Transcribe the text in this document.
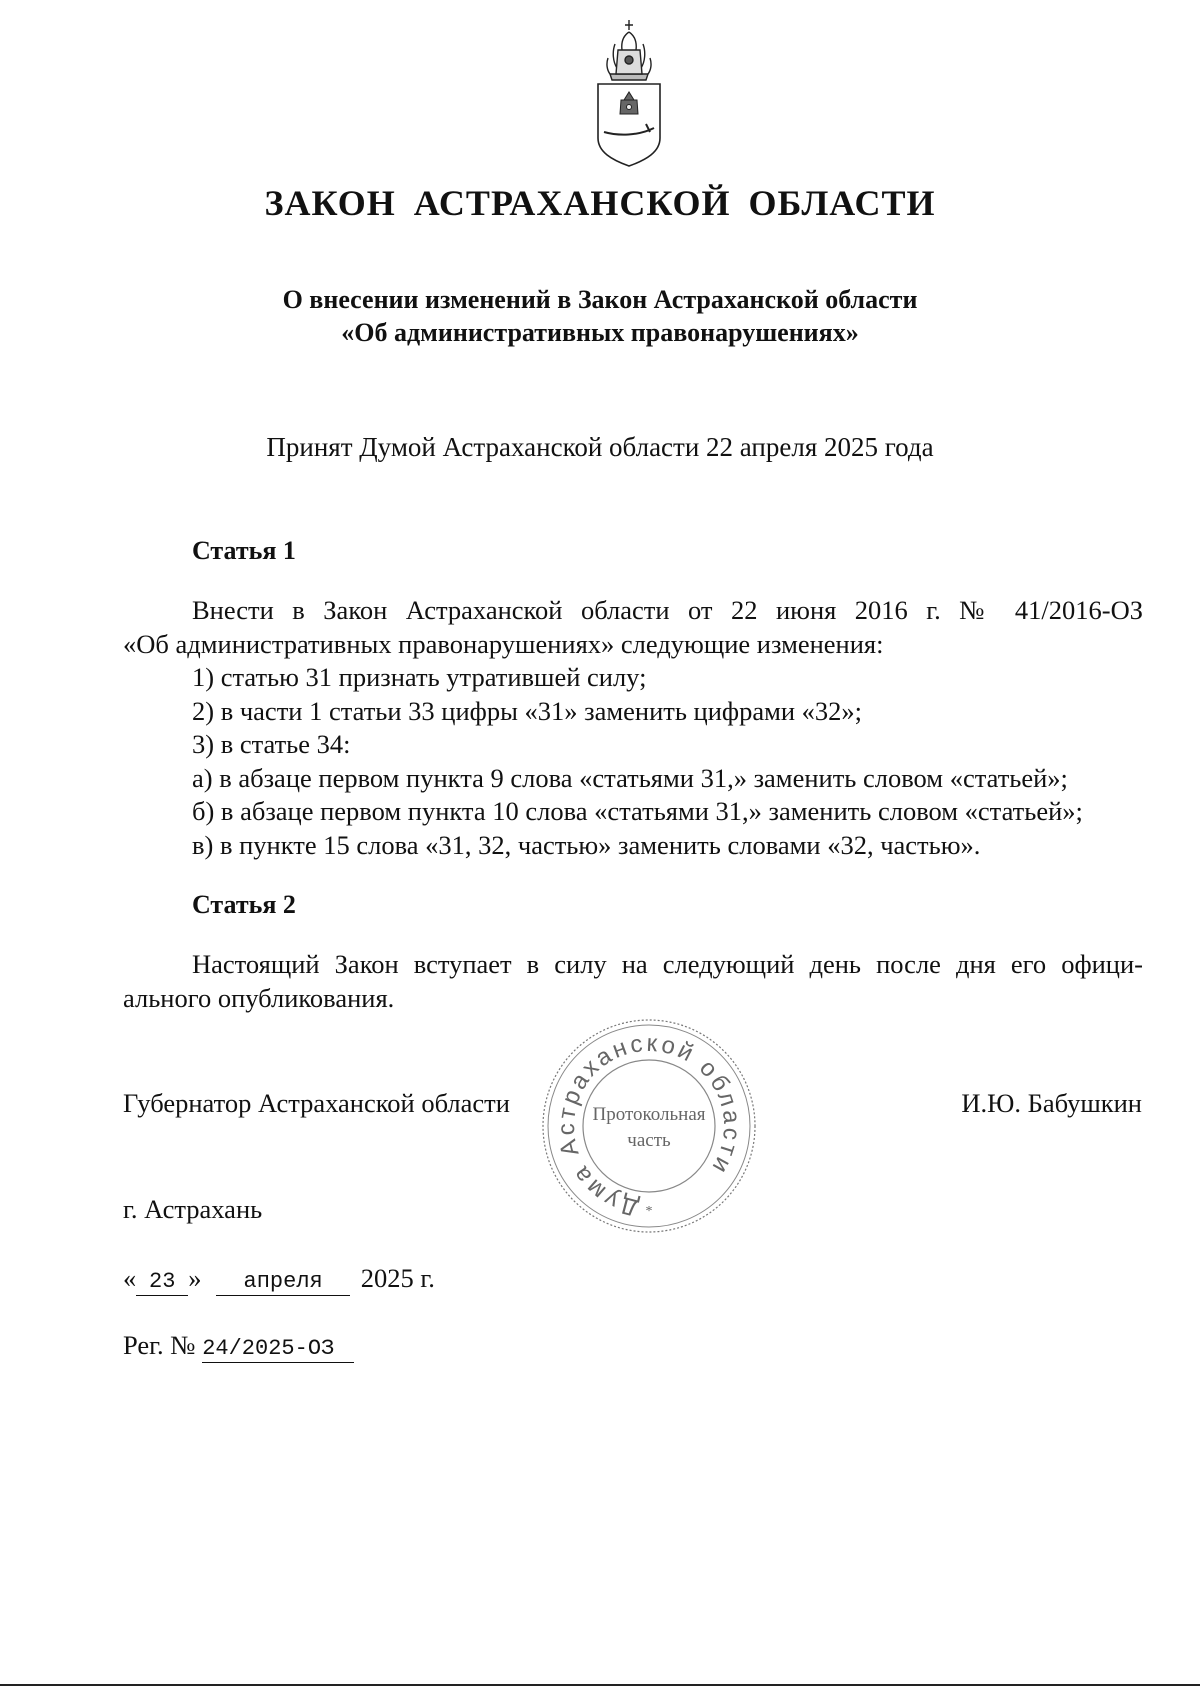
ЗАКОН АСТРАХАНСКОЙ ОБЛАСТИ
О внесении изменений в Закон Астраханской области
«Об административных правонарушениях»
Принят Думой Астраханской области 22 апреля 2025 года
Статья 1
Внести в Закон Астраханской области от 22 июня 2016 г. № 41/2016-ОЗ
«Об административных правонарушениях» следующие изменения:
1) статью 31 признать утратившей силу;
2) в части 1 статьи 33 цифры «31» заменить цифрами «32»;
3) в статье 34:
а) в абзаце первом пункта 9 слова «статьями 31,» заменить словом «статьей»;
б) в абзаце первом пункта 10 слова «статьями 31,» заменить словом «статьей»;
в) в пункте 15 слова «31, 32, частью» заменить словами «32, частью».
Статья 2
Настоящий Закон вступает в силу на следующий день после дня его офици-
ального опубликования.
Губернатор Астраханской области	И.Ю. Бабушкин
Дума Астраханской области
Протокольная
часть
*
г. Астрахань
« 23 » апреля 2025 г.
Рег. № 24/2025-ОЗ
